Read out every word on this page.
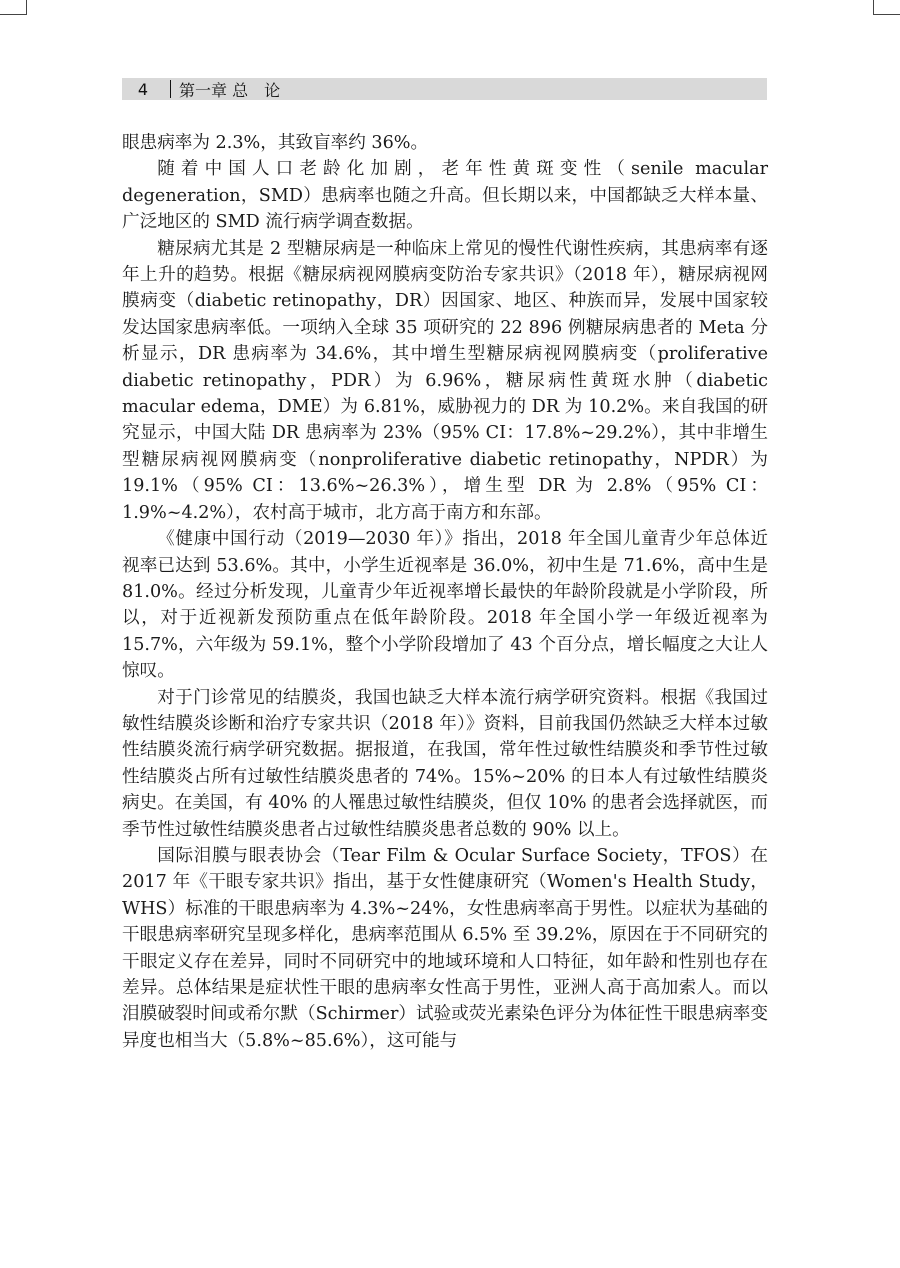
4	第一章 总　论

眼患病率为 2.3%，其致盲率约 36%。

随着中国人口老龄化加剧，老年性黄斑变性（senile macular degeneration，SMD）患病率也随之升高。但长期以来，中国都缺乏大样本量、广泛地区的 SMD 流行病学调查数据。

糖尿病尤其是 2 型糖尿病是一种临床上常见的慢性代谢性疾病，其患病率有逐年上升的趋势。根据《糖尿病视网膜病变防治专家共识》（2018 年），糖尿病视网膜病变（diabetic retinopathy，DR）因国家、地区、种族而异，发展中国家较发达国家患病率低。一项纳入全球 35 项研究的 22 896 例糖尿病患者的 Meta 分析显示，DR 患病率为 34.6%，其中增生型糖尿病视网膜病变（proliferative diabetic retinopathy，PDR）为 6.96%，糖尿病性黄斑水肿（diabetic macular edema，DME）为 6.81%，威胁视力的 DR 为 10.2%。来自我国的研究显示，中国大陆 DR 患病率为 23%（95% CI：17.8%~29.2%），其中非增生型糖尿病视网膜病变（nonproliferative diabetic retinopathy，NPDR）为 19.1%（95% CI：13.6%~26.3%），增生型 DR 为 2.8%（95% CI：1.9%~4.2%），农村高于城市，北方高于南方和东部。

《健康中国行动（2019—2030 年）》指出，2018 年全国儿童青少年总体近视率已达到 53.6%。其中，小学生近视率是 36.0%，初中生是 71.6%，高中生是 81.0%。经过分析发现，儿童青少年近视率增长最快的年龄阶段就是小学阶段，所以，对于近视新发预防重点在低年龄阶段。2018 年全国小学一年级近视率为 15.7%，六年级为 59.1%，整个小学阶段增加了 43 个百分点，增长幅度之大让人惊叹。

对于门诊常见的结膜炎，我国也缺乏大样本流行病学研究资料。根据《我国过敏性结膜炎诊断和治疗专家共识（2018 年）》资料，目前我国仍然缺乏大样本过敏性结膜炎流行病学研究数据。据报道，在我国，常年性过敏性结膜炎和季节性过敏性结膜炎占所有过敏性结膜炎患者的 74%。15%~20% 的日本人有过敏性结膜炎病史。在美国，有 40% 的人罹患过敏性结膜炎，但仅 10% 的患者会选择就医，而季节性过敏性结膜炎患者占过敏性结膜炎患者总数的 90% 以上。

国际泪膜与眼表协会（Tear Film & Ocular Surface Society，TFOS）在 2017 年《干眼专家共识》指出，基于女性健康研究（Women's Health Study，WHS）标准的干眼患病率为 4.3%~24%，女性患病率高于男性。以症状为基础的干眼患病率研究呈现多样化，患病率范围从 6.5% 至 39.2%，原因在于不同研究的干眼定义存在差异，同时不同研究中的地域环境和人口特征，如年龄和性别也存在差异。总体结果是症状性干眼的患病率女性高于男性，亚洲人高于高加索人。而以泪膜破裂时间或希尔默（Schirmer）试验或荧光素染色评分为体征性干眼患病率变异度也相当大（5.8%~85.6%），这可能与
